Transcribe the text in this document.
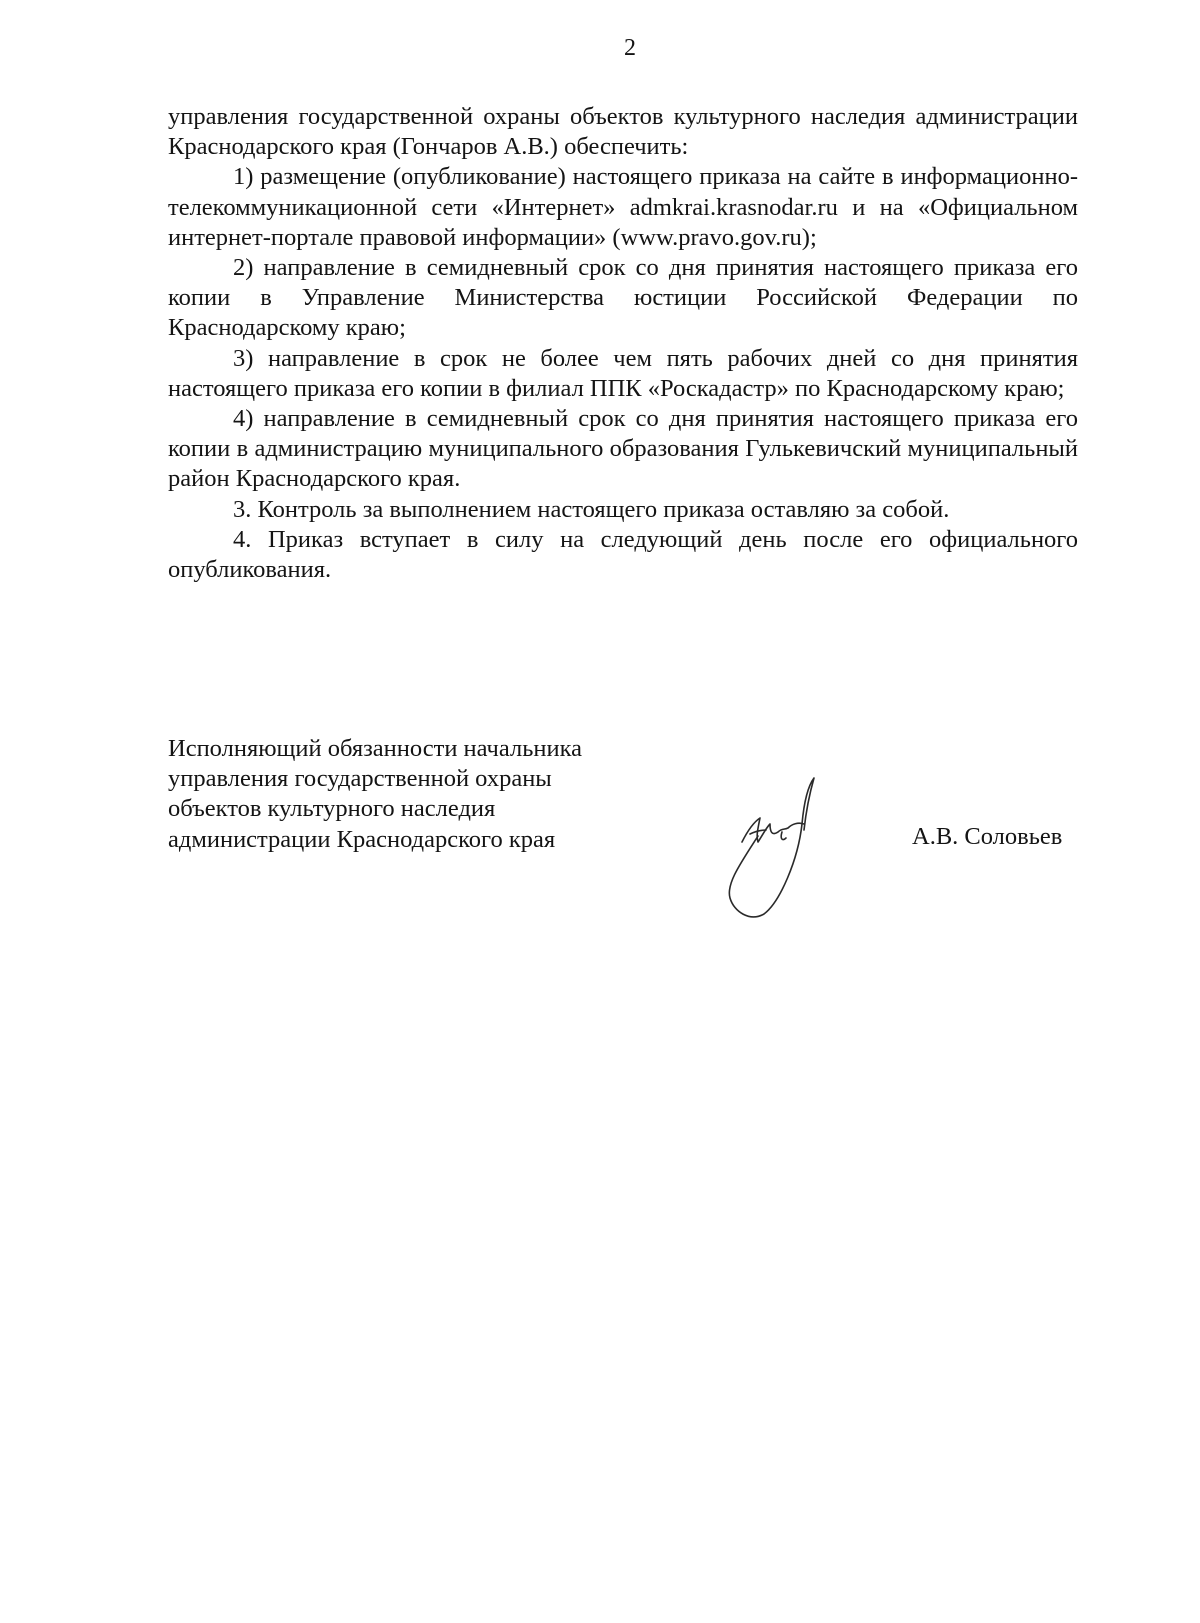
2

управления государственной охраны объектов культурного наследия администрации Краснодарского края (Гончаров А.В.) обеспечить:

1) размещение (опубликование) настоящего приказа на сайте в информационно-телекоммуникационной сети «Интернет» admkrai.krasnodar.ru и на «Официальном интернет-портале правовой информации» (www.pravo.gov.ru);

2) направление в семидневный срок со дня принятия настоящего приказа его копии в Управление Министерства юстиции Российской Федерации по Краснодарскому краю;

3) направление в срок не более чем пять рабочих дней со дня принятия настоящего приказа его копии в филиал ППК «Роскадастр» по Краснодарскому краю;

4) направление в семидневный срок со дня принятия настоящего приказа его копии в администрацию муниципального образования Гулькевичский муниципальный район Краснодарского края.

3. Контроль за выполнением настоящего приказа оставляю за собой.

4. Приказ вступает в силу на следующий день после его официального опубликования.

Исполняющий обязанности начальника
управления государственной охраны
объектов культурного наследия
администрации Краснодарского края	А.В. Соловьев
